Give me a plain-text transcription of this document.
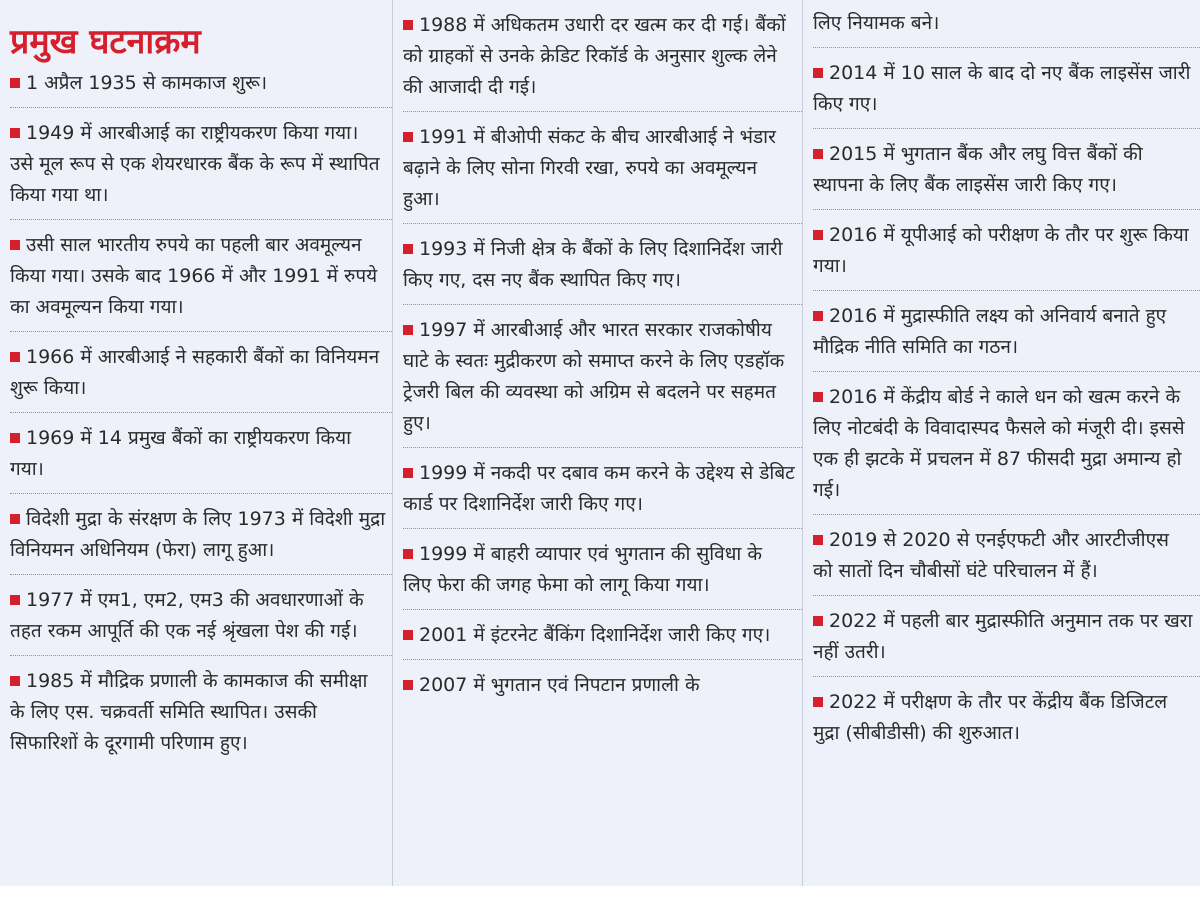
प्रमुख घटनाक्रम
1 अप्रैल 1935 से कामकाज शुरू।
1949 में आरबीआई का राष्ट्रीयकरण किया गया। उसे मूल रूप से एक शेयरधारक बैंक के रूप में स्थापित किया गया था।
उसी साल भारतीय रुपये का पहली बार अवमूल्यन किया गया। उसके बाद 1966 में और 1991 में रुपये का अवमूल्यन किया गया।
1966 में आरबीआई ने सहकारी बैंकों का विनियमन शुरू किया।
1969 में 14 प्रमुख बैंकों का राष्ट्रीयकरण किया गया।
विदेशी मुद्रा के संरक्षण के लिए 1973 में विदेशी मुद्रा विनियमन अधिनियम (फेरा) लागू हुआ।
1977 में एम1, एम2, एम3 की अवधारणाओं के तहत रकम आपूर्ति की एक नई श्रृंखला पेश की गई।
1985 में मौद्रिक प्रणाली के कामकाज की समीक्षा के लिए एस. चक्रवर्ती समिति स्थापित। उसकी सिफारिशों के दूरगामी परिणाम हुए।
1988 में अधिकतम उधारी दर खत्म कर दी गई। बैंकों को ग्राहकों से उनके क्रेडिट रिकॉर्ड के अनुसार शुल्क लेने की आजादी दी गई।
1991 में बीओपी संकट के बीच आरबीआई ने भंडार बढ़ाने के लिए सोना गिरवी रखा, रुपये का अवमूल्यन हुआ।
1993 में निजी क्षेत्र के बैंकों के लिए दिशानिर्देश जारी किए गए, दस नए बैंक स्थापित किए गए।
1997 में आरबीआई और भारत सरकार राजकोषीय घाटे के स्वतः मुद्रीकरण को समाप्त करने के लिए एडहॉक ट्रेजरी बिल की व्यवस्था को अग्रिम से बदलने पर सहमत हुए।
1999 में नकदी पर दबाव कम करने के उद्देश्य से डेबिट कार्ड पर दिशानिर्देश जारी किए गए।
1999 में बाहरी व्यापार एवं भुगतान की सुविधा के लिए फेरा की जगह फेमा को लागू किया गया।
2001 में इंटरनेट बैंकिंग दिशानिर्देश जारी किए गए।
2007 में भुगतान एवं निपटान प्रणाली के
लिए नियामक बने।
2014 में 10 साल के बाद दो नए बैंक लाइसेंस जारी किए गए।
2015 में भुगतान बैंक और लघु वित्त बैंकों की स्थापना के लिए बैंक लाइसेंस जारी किए गए।
2016 में यूपीआई को परीक्षण के तौर पर शुरू किया गया।
2016 में मुद्रास्फीति लक्ष्य को अनिवार्य बनाते हुए मौद्रिक नीति समिति का गठन।
2016 में केंद्रीय बोर्ड ने काले धन को खत्म करने के लिए नोटबंदी के विवादास्पद फैसले को मंजूरी दी। इससे एक ही झटके में प्रचलन में 87 फीसदी मुद्रा अमान्य हो गई।
2019 से 2020 से एनईएफटी और आरटीजीएस को सातों दिन चौबीसों घंटे परिचालन में हैं।
2022 में पहली बार मुद्रास्फीति अनुमान तक पर खरा नहीं उतरी।
2022 में परीक्षण के तौर पर केंद्रीय बैंक डिजिटल मुद्रा (सीबीडीसी) की शुरुआत।
